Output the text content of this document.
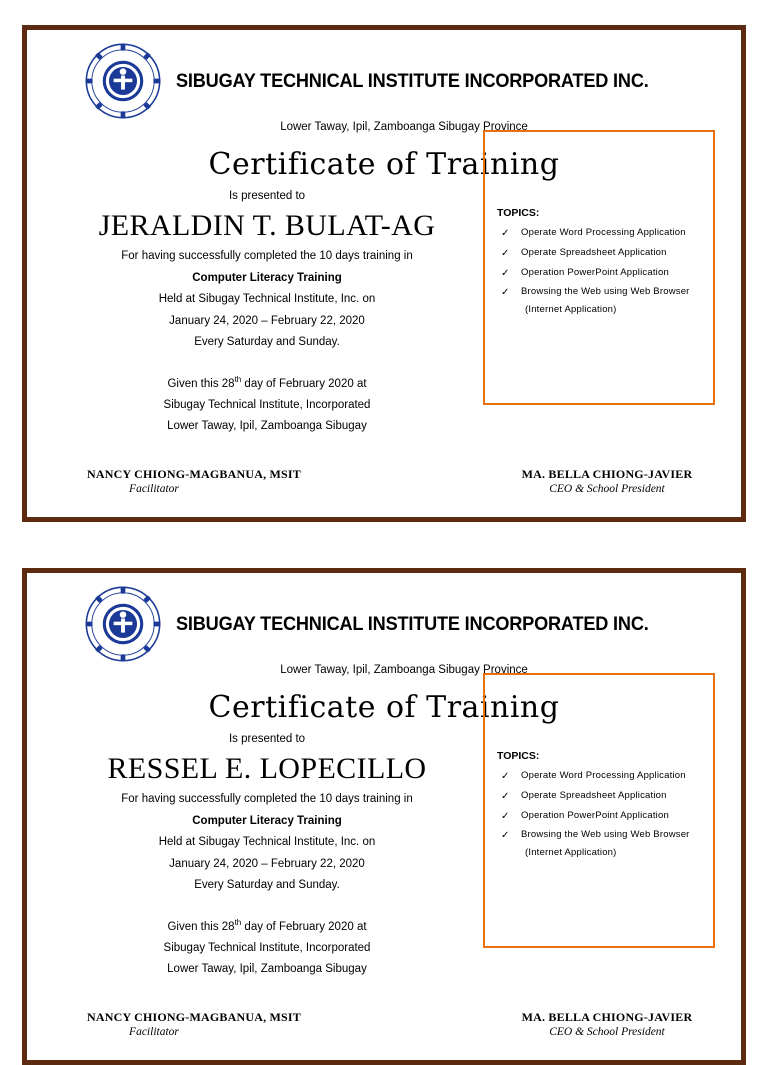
SIBUGAY TECHNICAL INSTITUTE INCORPORATED INC.
Lower Taway, Ipil, Zamboanga Sibugay Province
Certificate of Training
Is presented to
JERALDIN T. BULAT-AG
For having successfully completed the 10 days training in
Computer Literacy Training
Held at Sibugay Technical Institute, Inc. on
January 24, 2020 – February 22, 2020
Every Saturday and Sunday.
Given this 28th day of February 2020 at
Sibugay Technical Institute, Incorporated
Lower Taway, Ipil, Zamboanga Sibugay
TOPICS:
✓ Operate Word Processing Application
✓ Operate Spreadsheet Application
✓ Operation PowerPoint Application
✓ Browsing the Web using Web Browser
(Internet Application)
NANCY CHIONG-MAGBANUA, MSIT
Facilitator
MA. BELLA CHIONG-JAVIER
CEO & School President
SIBUGAY TECHNICAL INSTITUTE INCORPORATED INC.
Lower Taway, Ipil, Zamboanga Sibugay Province
Certificate of Training
Is presented to
RESSEL E. LOPECILLO
For having successfully completed the 10 days training in
Computer Literacy Training
Held at Sibugay Technical Institute, Inc. on
January 24, 2020 – February 22, 2020
Every Saturday and Sunday.
Given this 28th day of February 2020 at
Sibugay Technical Institute, Incorporated
Lower Taway, Ipil, Zamboanga Sibugay
TOPICS:
✓ Operate Word Processing Application
✓ Operate Spreadsheet Application
✓ Operation PowerPoint Application
✓ Browsing the Web using Web Browser
(Internet Application)
NANCY CHIONG-MAGBANUA, MSIT
Facilitator
MA. BELLA CHIONG-JAVIER
CEO & School President
